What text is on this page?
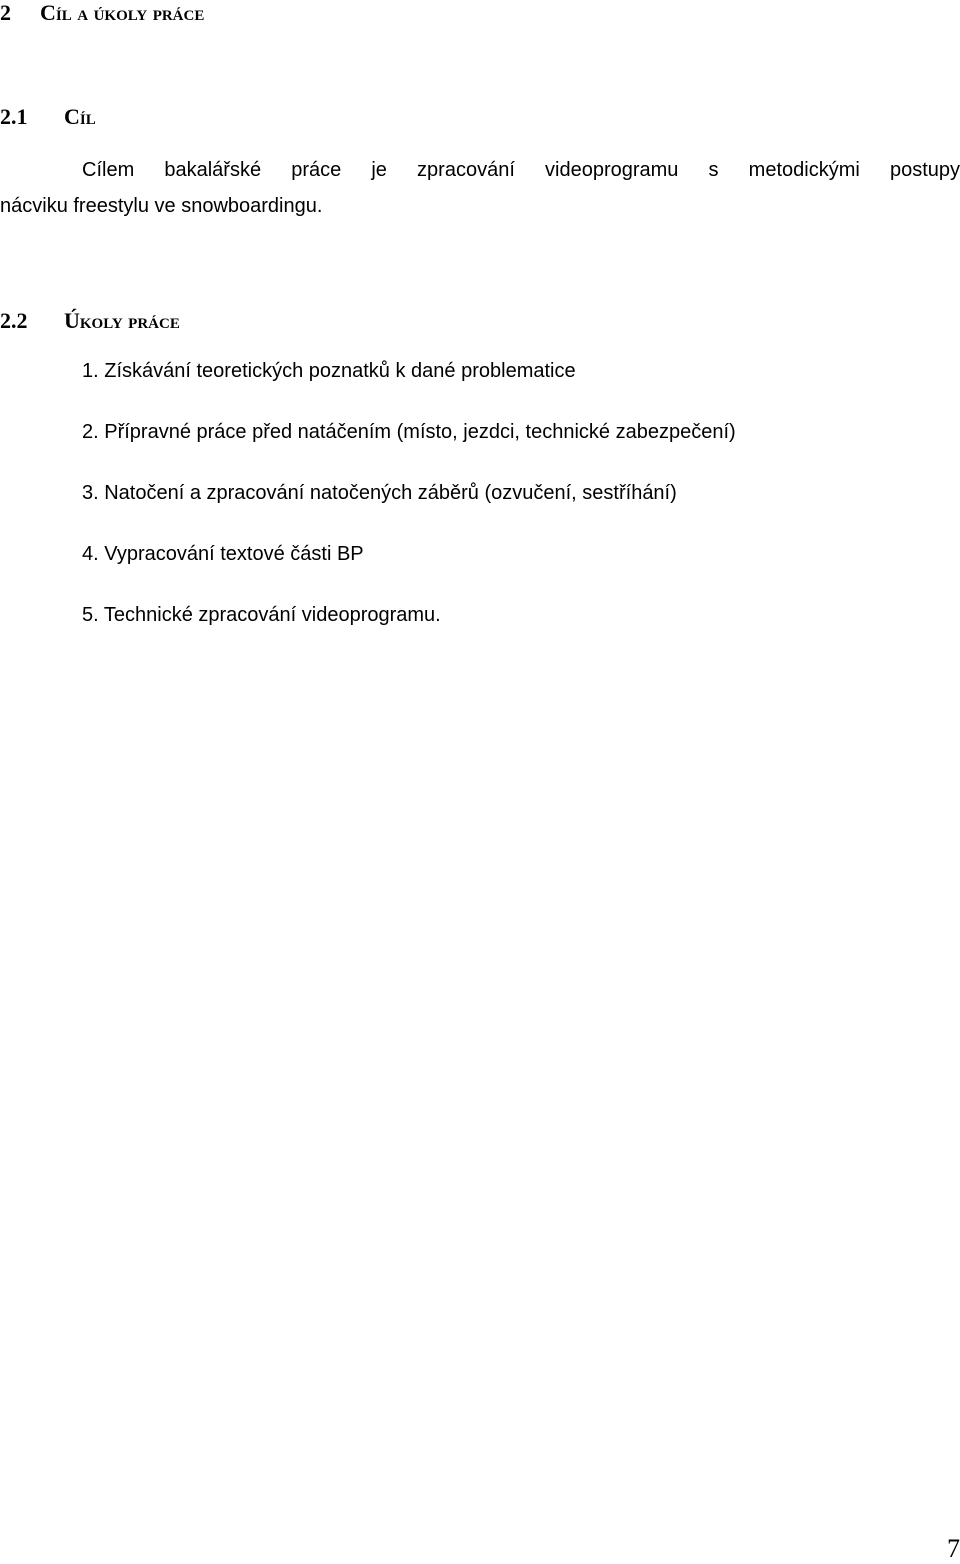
2 Cíl a úkoly práce
2.1 Cíl
Cílem bakalářské práce je zpracování videoprogramu s metodickými postupy
nácviku freestylu ve snowboardingu.
2.2 Úkoly práce
1. Získávání teoretických poznatků k dané problematice
2. Přípravné práce před natáčením (místo, jezdci, technické zabezpečení)
3. Natočení a zpracování natočených záběrů (ozvučení, sestříhání)
4. Vypracování textové části BP
5. Technické zpracování videoprogramu.
7
